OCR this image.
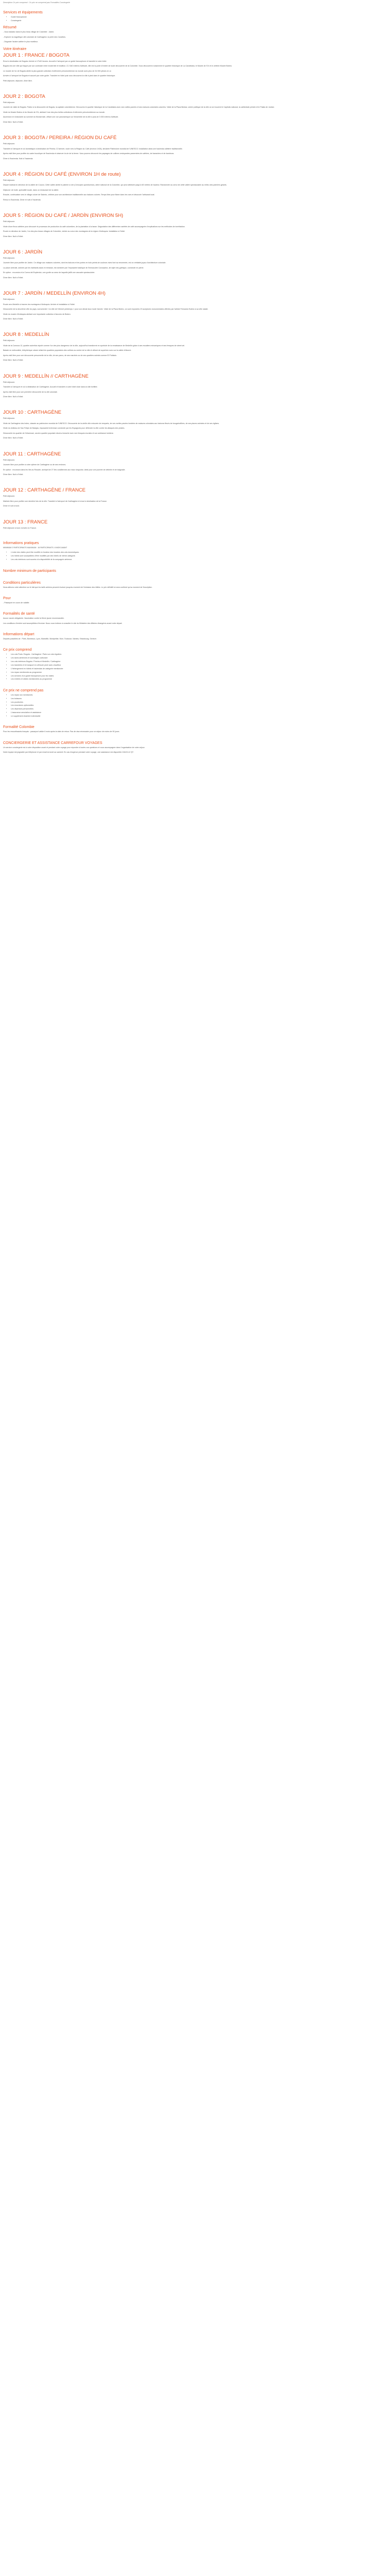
Description Ce prix comprend : Ce prix ne comprend pas Formalités Conciergerie

Services et équipements
• Guide francophone
• Conciergerie
Résumé

- Vous baladez dans le plus beau village de Colombie : Jardín.

- Explorer la magnifique cité coloniale de Carthagène, la perle des Caraïbes.

- Déguster l'arabe caféier le plus moelleux.

Votre itinéraire
JOUR 1 : FRANCE / BOGOTA

Envol à destination de Bogota. Arrivée à 17h40 heures. Accueil à l'aéroport par un guide francophone et transfert à votre hôtel.

Bogota est une ville qui frappe par son contraste entre modernité et tradition. À 2 640 mètres d'altitude, elle est la porte d'entrée de toute découverte de la Colombie. Vous découvrirez notamment le quartier historique de La Candelaria, le Musée de l'Or et le célèbre Musée Botero.

Le musée de l'or de Bogota abrite la plus grande collection d'orfèvrerie précolombienne du monde avec plus de 34 000 pièces en or.

Arrivée à l'aéroport de Bogota et accueil par votre guide. Transfert en hôtel puis vous découvrez la ville à pied dans le quartier historique.

Petit déjeuner, déjeuner, dîner libre.

JOUR 2 : BOGOTA

Petit déjeuner.

Journée de visite de Bogota. Partez à la découverte de Bogota, la capitale colombienne. Découvrez le quartier historique de la Candelaria avec ses ruelles pavées et ses maisons coloniales colorées. Visite de la Plaza Bolivar, centre politique de la ville où se trouvent le Capitolio national, la cathédrale primée et le Palais de Justice.

Visite du Musée Botero et du Musée de l'Or, abritant l'une des plus belles collections d'orfèvrerie précolombienne au monde.

Ascension en funiculaire au sommet du Monserrate, offrant une vue panoramique sur l'ensemble de la ville à plus de 3 000 mètres d'altitude.

Dîner libre. Nuit à l'hôtel.

JOUR 3 : BOGOTA / PEREIRA / RÉGION DU CAFÉ

Petit déjeuner.

Transfert à l'aéroport et vol domestique à destination de Pereira. À l'arrivée, route vers la Région du Café (environ 1h30), déclarée Patrimoine mondial de l'UNESCO. Installation dans une hacienda caféière traditionnelle.

Après-midi libre pour profiter du cadre bucolique de l'hacienda et observer la vie de la ferme. Vous pourrez découvrir les paysages de collines verdoyantes parsemées de caféiers, de bananiers et de bambous.

Dîner à l'hacienda. Nuit à l'hacienda.

JOUR 4 : RÉGION DU CAFÉ (ENVIRON 1H de route)

Petit déjeuner.

Départ matinal en direction de la vallée de Cocora. Cette vallée abrite le palmier à cire (Ceroxylon quindiuense), arbre national de la Colombie, qui peut atteindre jusqu'à 60 mètres de hauteur. Randonnée au cœur de cette vallée spectaculaire au milieu des palmiers géants.

Déjeuner de truite, spécialité locale, dans un restaurant de la vallée.

Ensuite, continuation vers le village coloré de Salento, célèbre pour son architecture traditionnelle aux balcons colorés. Temps libre pour flâner dans les rues et découvrir l'artisanat local.

Retour à l'hacienda. Dîner et nuit à l'hacienda.

JOUR 5 : RÉGION DU CAFÉ / JARDÍN (ENVIRON 5H)

Petit déjeuner.

Visite d'une finca caféière pour découvrir le processus de production du café colombien, de la plantation à la tasse. Dégustation des différentes variétés de café accompagnée d'explications sur les méthodes de torréfaction.

Route en direction de Jardín, l'un des plus beaux villages de Colombie, nichée au cœur des montagnes de la région d'Antioquia. Installation à l'hôtel.

Dîner libre. Nuit à l'hôtel.

JOUR 6 : JARDÍN

Petit déjeuner.

Journée libre pour profiter de Jardín. Ce village aux maisons colorées, dont les balcons et les portes en bois peints de couleurs vives font sa renommée, est un véritable joyau d'architecture coloniale.

La place centrale, animée par les habitants assis en terrasse, est dominée par l'imposante basilique de l'Immaculée Conception, de style néo-gothique, construite en pierre.

En option : excursion à la Cueva del Esplendor, une grotte au cœur de laquelle jaillit une cascade spectaculaire.

Dîner libre. Nuit à l'hôtel.

JOUR 7 : JARDÍN / MEDELLÍN (ENVIRON 4H)

Petit déjeuner.

Route vers Medellín à travers les montagnes d'Antioquia. Arrivée et installation à l'hôtel.

Découverte de la deuxième ville du pays, surnommée « la ville de l'éternel printemps » pour son climat doux toute l'année. Visite de la Plaza Botero, où sont exposées 23 sculptures monumentales offertes par l'artiste Fernando Botero à sa ville natale.

Visite du musée d'Antioquia abritant une importante collection d'œuvres de Botero.

Dîner libre. Nuit à l'hôtel.

JOUR 8 : MEDELLÍN

Petit déjeuner.

Visite de la Comuna 13, quartier autrefois réputé comme l'un des plus dangereux de la ville, aujourd'hui transformé en symbole de la renaissance de Medellín grâce à ses escaliers mécaniques et ses fresques de street art.

Balade en métrocâble, téléphérique urbain reliant les quartiers populaires des collines au centre de la ville et offrant de superbes vues sur la vallée d'Aburrá.

Après-midi libre pour une découverte personnelle de la ville, de ses parcs, de ses marchés ou de ses quartiers animés comme El Poblado.

Dîner libre. Nuit à l'hôtel.

JOUR 9 : MEDELLÍN // CARTHAGÈNE

Petit déjeuner.

Transfert à l'aéroport et vol à destination de Carthagène. Accueil et transfert à votre hôtel situé dans la ville fortifiée.

Après-midi libre pour une première découverte de la cité coloniale.

Dîner libre. Nuit à l'hôtel.

JOUR 10 : CARTHAGÈNE

Petit déjeuner.

Visite de Carthagène des Indes, classée au patrimoine mondial de l'UNESCO. Découverte de la vieille ville entourée de remparts, de ses ruelles pavées bordées de maisons coloniales aux balcons fleuris de bougainvilliers, de ses places animées et de ses églises.

Visite du château de San Felipe de Barajas, imposante forteresse construite par les Espagnols pour défendre la ville contre les attaques des pirates.

Découverte du quartier de Getsemaní, ancien quartier populaire devenu branché avec ses fresques murales et son ambiance bohème.

Dîner libre. Nuit à l'hôtel.

JOUR 11 : CARTHAGÈNE

Petit déjeuner.

Journée libre pour profiter à votre rythme de Carthagène ou de ses environs.

En option : excursion dans les îles du Rosaire, archipel de 27 îles coralliennes aux eaux turquoise, idéal pour une journée de détente et de baignade.

Dîner libre. Nuit à l'hôtel.

JOUR 12 : CARTHAGÈNE / FRANCE

Petit déjeuner.

Matinée libre pour profiter une dernière fois de la ville. Transfert à l'aéroport de Carthagène et envol à destination de la France.

Dîner et nuit à bord.

JOUR 13 : FRANCE

Petit déjeuner à bord. Arrivée en France.

Informations pratiques

MINIMUM 2 PARTICIPANTS MAXIMUM : 16 PARTICIPANTS. 8 MOIS AVANT

• L'ordre des visites peut être modifié en fonction des horaires des vols domestiques.
• Les hôtels sont susceptibles d'être modifiés par des hôtels de même catégorie.
• Les vols intérieurs sont soumis à la disponibilité de la compagnie aérienne.
Nombre minimum de participants
Conditions particulières

Nous attirons votre attention sur le fait que les tarifs aériens peuvent évoluer jusqu'au moment de l'émission des billets. Le prix définitif ne sera confirmé qu'au moment de l'inscription.

Pour

- Passeport en cours de validité.

Formalités de santé

Aucun vaccin obligatoire. Vaccination contre la fièvre jaune recommandée.

Les conditions d'entrée sont susceptibles d'évoluer. Nous vous invitons à consulter le site du Ministère des Affaires étrangères avant votre départ.

Informations départ

Départs possibles de : Paris, Bordeaux, Lyon, Marseille, Montpellier, Nice, Toulouse, Nantes, Strasbourg, Genève.

Ce prix comprend
• Les vols Paris / Bogota - Carthagène / Paris sur vols réguliers
• Les taxes aériennes et surcharges carburant
• Les vols intérieurs Bogota / Pereira et Medellín / Carthagène
• Les transferts et le transport en véhicule privé avec chauffeur
• L'hébergement en hôtels et haciendas de catégorie mentionnée
• Les repas mentionnés au programme
• Les services d'un guide francophone pour les visites
• Les entrées et visites mentionnées au programme
Ce prix ne comprend pas
• Les repas non mentionnés
• Les boissons
• Les pourboires
• Les excursions optionnelles
• Les dépenses personnelles
• L'assurance annulation et assistance
• Le supplément chambre individuelle
Formalité Colombie

Pour les ressortissants français : passeport valide 6 mois après la date de retour. Pas de visa nécessaire pour un séjour de moins de 90 jours.

CONCIERGERIE ET ASSISTANCE CARREFOUR VOYAGES

Un service conciergerie est à votre disposition avant et pendant votre voyage pour répondre à toutes vos questions et vous accompagner dans l'organisation de votre séjour.

Notre équipe est joignable par téléphone et par email du lundi au samedi. En cas d'urgence pendant votre voyage, une assistance est disponible 24h/24 et 7j/7.
